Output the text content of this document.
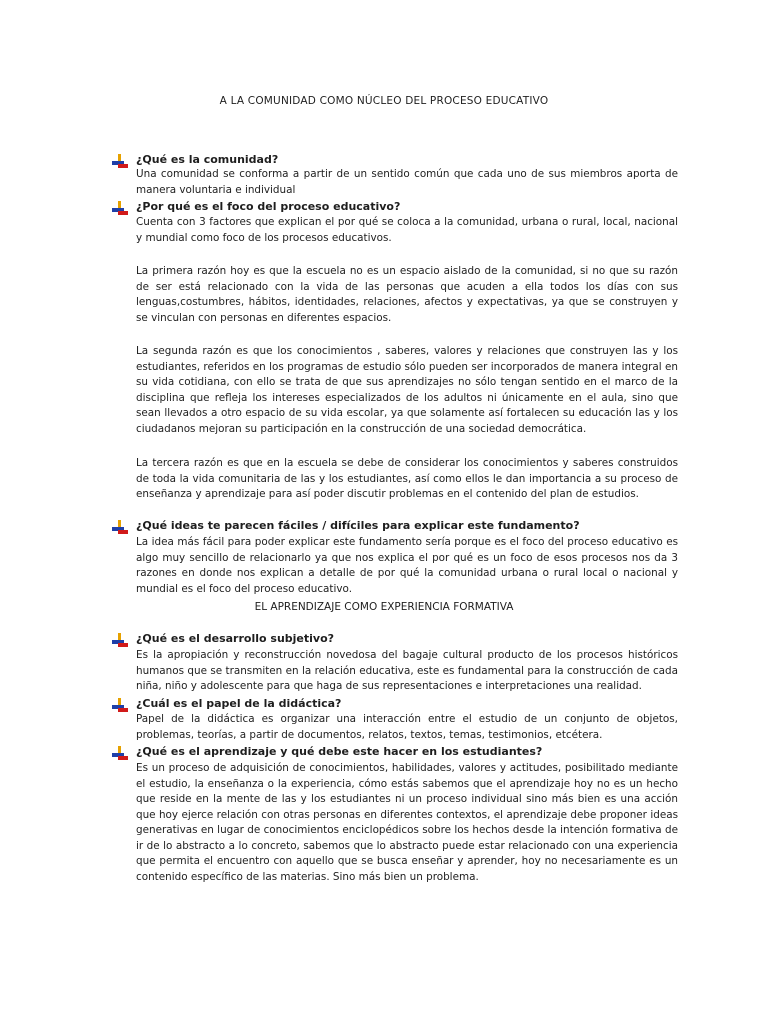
A LA COMUNIDAD COMO NÚCLEO DEL PROCESO EDUCATIVO
¿Qué es la comunidad?

Una comunidad se conforma a partir de un sentido común que cada uno de sus miembros aporta de manera voluntaria e individual

¿Por qué es el foco del proceso educativo?

Cuenta con 3 factores que explican el por qué se coloca a la comunidad, urbana o rural, local, nacional y mundial como foco de los procesos educativos.

La primera razón hoy es que la escuela no es un espacio aislado de la comunidad, si no que su razón de ser está relacionado con la vida de las personas que acuden a ella todos los días con sus lenguas,costumbres, hábitos, identidades, relaciones, afectos y expectativas, ya que se construyen y se vinculan con personas en diferentes espacios.

La segunda razón es que los conocimientos , saberes, valores y relaciones que construyen las y los estudiantes, referidos en los programas de estudio sólo pueden ser incorporados de manera integral en su vida cotidiana, con ello se trata de que sus aprendizajes no sólo tengan sentido en el marco de la disciplina que refleja los intereses especializados de los adultos ni únicamente en el aula, sino que sean llevados a otro espacio de su vida escolar, ya que solamente así fortalecen su educación las y los ciudadanos mejoran su participación en la construcción de una sociedad democrática.

La tercera razón es que en la escuela se debe de considerar los conocimientos y saberes construidos de toda la vida comunitaria de las y los estudiantes, así como ellos le dan importancia a su proceso de enseñanza y aprendizaje para así poder discutir problemas en el contenido del plan de estudios.

¿Qué ideas te parecen fáciles / difíciles para explicar este fundamento?

La idea más fácil para poder explicar este fundamento sería porque es el foco del proceso educativo es algo muy sencillo de relacionarlo ya que nos explica el por qué es un foco de esos procesos nos da 3 razones en donde nos explican a detalle de por qué la comunidad urbana o rural local o nacional y mundial es el foco del proceso educativo.

EL APRENDIZAJE COMO EXPERIENCIA FORMATIVA
¿Qué es el desarrollo subjetivo?

Es la apropiación y reconstrucción novedosa del bagaje cultural producto de los procesos históricos humanos que se transmiten en la relación educativa, este es fundamental para la construcción de cada niña, niño y adolescente para que haga de sus representaciones e interpretaciones una realidad.

¿Cuál es el papel de la didáctica?

Papel de la didáctica es organizar una interacción entre el estudio de un conjunto de objetos, problemas, teorías, a partir de documentos, relatos, textos, temas, testimonios, etcétera.

¿Qué es el aprendizaje y qué debe este hacer en los estudiantes?

Es un proceso de adquisición de conocimientos, habilidades, valores y actitudes, posibilitado mediante el estudio, la enseñanza o la experiencia, cómo estás sabemos que el aprendizaje hoy no es un hecho que reside en la mente de las y los estudiantes ni un proceso individual sino más bien es una acción que hoy ejerce relación con otras personas en diferentes contextos, el aprendizaje debe proponer ideas generativas en lugar de conocimientos enciclopédicos sobre los hechos desde la intención formativa de ir de lo abstracto a lo concreto, sabemos que lo abstracto puede estar relacionado con una experiencia que permita el encuentro con aquello que se busca enseñar y aprender, hoy no necesariamente es un contenido específico de las materias. Sino más bien un problema.
